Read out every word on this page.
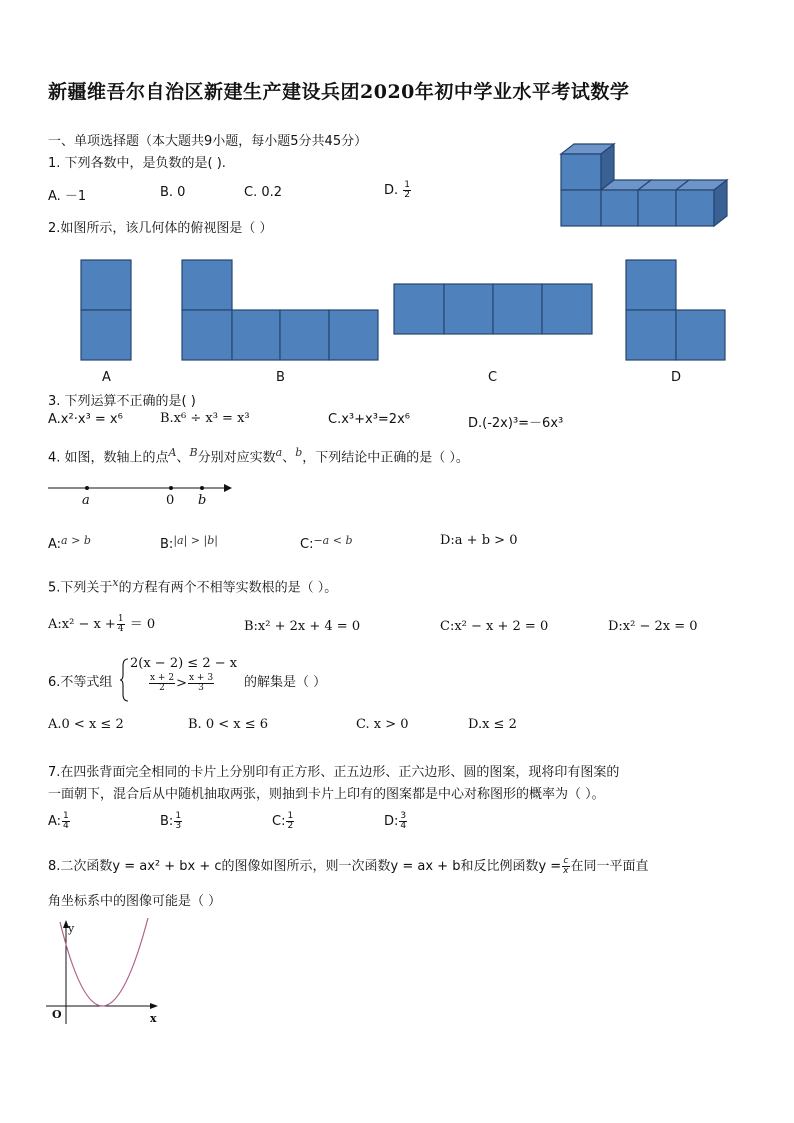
新疆维吾尔自治区新建生产建设兵团2020年初中学业水平考试数学
一、单项选择题（本大题共9小题，每小题5分共45分）
1. 下列各数中，是负数的是( ).
A. －1	B. 0	C. 0.2	D. $\frac{1}{2}$
2.如图所示，该几何体的俯视图是（ ）
A	B	C	D
3. 下列运算不正确的是( )
A.x²·x³ = x⁶	B.x⁶ ÷ x³ = x³	C.x³+x³=2x⁶	D.(-2x)³=－6x³
4. 如图，数轴上的点$^A$、$^B$分别对应实数$^a$、$^b$，下列结论中正确的是（ ）。
a	0 b
A:$^{a > b}$	B:$^{|a| > |b|}$	C:$^{-a < b}$	D:a + b > 0
5.下列关于$^x$的方程有两个不相等实数根的是（ ）。
A:x² − $x + \frac{1}{4} = 0$	B:x² + 2x + 4 = 0	C:x² − x + 2 = 0	D:x² − 2x = 0
6.不等式组
2(x − 2) ≤ 2 − x
$\frac{x + 2}{2} > \frac{x + 3}{3}$ 的解集是（ ）
A.0 < x ≤ 2	B. 0 < x ≤ 6	C. x > 0	D.x ≤ 2
7.在四张背面完全相同的卡片上分别印有正方形、正五边形、正六边形、圆的图案，现将印有图案的
一面朝下，混合后从中随机抽取两张，则抽到卡片上印有的图案都是中心对称图形的概率为（ ）。
A: $\frac{1}{4}$	B: $\frac{1}{3}$	C: $\frac{1}{2}$	D: $\frac{3}{4}$
8.二次函数y = ax² + bx + c的图像如图所示，则一次函数y = ax + b和反比例函数$y = \frac{c}{x}$ 在同一平面直
角坐标系中的图像可能是（ ）
y
O	x
